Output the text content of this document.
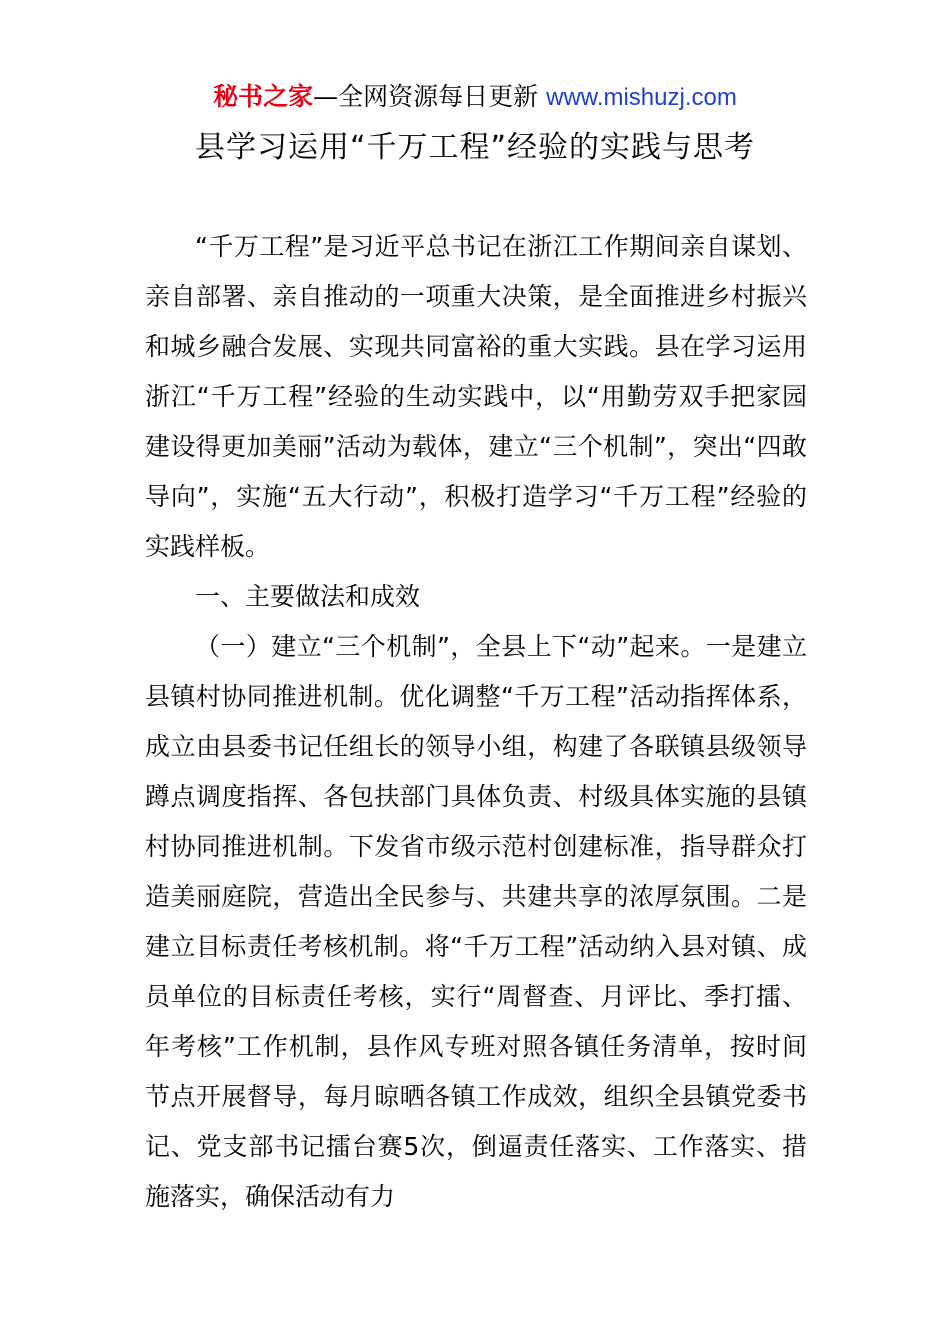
秘书之家—全网资源每日更新 www.mishuzj.com
县学习运用“千万工程”经验的实践与思考

“千万工程”是习近平总书记在浙江工作期间亲自谋划、亲自部署、亲自推动的一项重大决策，是全面推进乡村振兴和城乡融合发展、实现共同富裕的重大实践。县在学习运用浙江“千万工程”经验的生动实践中，以“用勤劳双手把家园建设得更加美丽”活动为载体，建立“三个机制”，突出“四敢导向”，实施“五大行动”，积极打造学习“千万工程”经验的实践样板。

一、主要做法和成效

（一）建立“三个机制”，全县上下“动”起来。一是建立县镇村协同推进机制。优化调整“千万工程”活动指挥体系，成立由县委书记任组长的领导小组，构建了各联镇县级领导蹲点调度指挥、各包扶部门具体负责、村级具体实施的县镇村协同推进机制。下发省市级示范村创建标准，指导群众打造美丽庭院，营造出全民参与、共建共享的浓厚氛围。二是建立目标责任考核机制。将“千万工程”活动纳入县对镇、成员单位的目标责任考核，实行“周督查、月评比、季打擂、年考核”工作机制，县作风专班对照各镇任务清单，按时间节点开展督导，每月晾晒各镇工作成效，组织全县镇党委书记、党支部书记擂台赛5次，倒逼责任落实、工作落实、措施落实，确保活动有力
